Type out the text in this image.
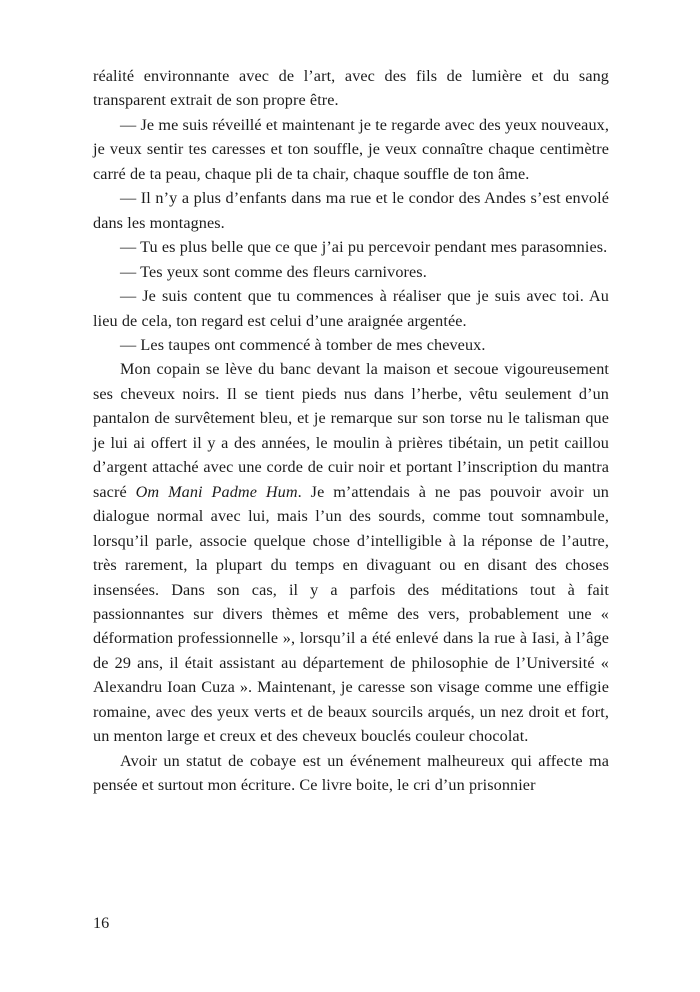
réalité environnante avec de l’art, avec des fils de lumière et du sang transparent extrait de son propre être.

— Je me suis réveillé et maintenant je te regarde avec des yeux nouveaux, je veux sentir tes caresses et ton souffle, je veux connaître chaque centimètre carré de ta peau, chaque pli de ta chair, chaque souffle de ton âme.

— Il n’y a plus d’enfants dans ma rue et le condor des Andes s’est envolé dans les montagnes.

— Tu es plus belle que ce que j’ai pu percevoir pendant mes parasomnies.

— Tes yeux sont comme des fleurs carnivores.

— Je suis content que tu commences à réaliser que je suis avec toi. Au lieu de cela, ton regard est celui d’une araignée argentée.

— Les taupes ont commencé à tomber de mes cheveux.

Mon copain se lève du banc devant la maison et secoue vigoureusement ses cheveux noirs. Il se tient pieds nus dans l’herbe, vêtu seulement d’un pantalon de survêtement bleu, et je remarque sur son torse nu le talisman que je lui ai offert il y a des années, le moulin à prières tibétain, un petit caillou d’argent attaché avec une corde de cuir noir et portant l’inscription du mantra sacré Om Mani Padme Hum. Je m’attendais à ne pas pouvoir avoir un dialogue normal avec lui, mais l’un des sourds, comme tout somnambule, lorsqu’il parle, associe quelque chose d’intelligible à la réponse de l’autre, très rarement, la plupart du temps en divaguant ou en disant des choses insensées. Dans son cas, il y a parfois des méditations tout à fait passionnantes sur divers thèmes et même des vers, probablement une « déformation professionnelle », lorsqu’il a été enlevé dans la rue à Iasi, à l’âge de 29 ans, il était assistant au département de philosophie de l’Université « Alexandru Ioan Cuza ». Maintenant, je caresse son visage comme une effigie romaine, avec des yeux verts et de beaux sourcils arqués, un nez droit et fort, un menton large et creux et des cheveux bouclés couleur chocolat.

Avoir un statut de cobaye est un événement malheureux qui affecte ma pensée et surtout mon écriture. Ce livre boite, le cri d’un prisonnier

16
